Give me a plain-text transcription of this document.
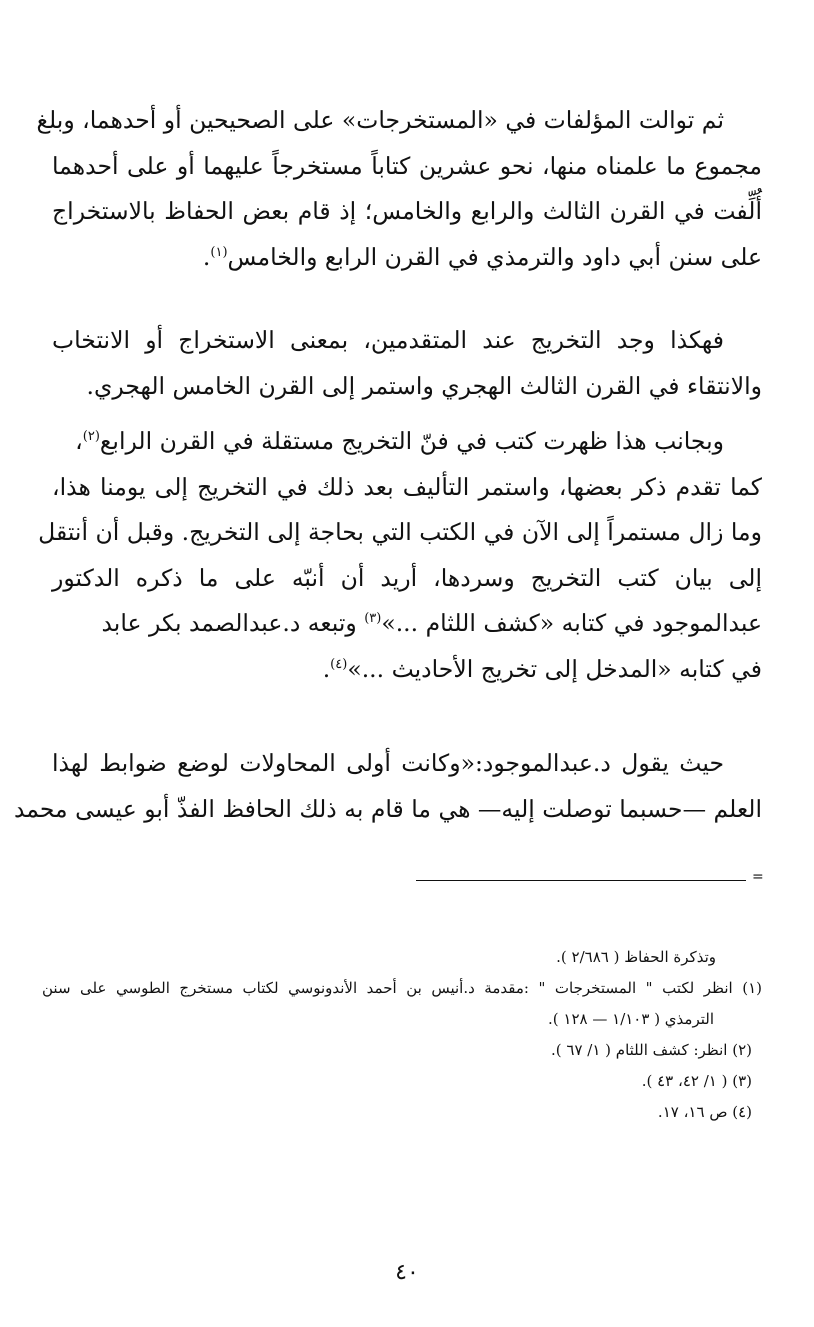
ثم توالت المؤلفات في «المستخرجات» على الصحيحين أو أحدهما، وبلغ
مجموع ما علمناه منها، نحو عشرين كتاباً مستخرجاً عليهما أو على أحدهما
أُلِّفت في القرن الثالث والرابع والخامس؛ إذ قام بعض الحفاظ بالاستخراج
على سنن أبي داود والترمذي في القرن الرابع والخامس$^{(١)}$.
فهكذا وجد التخريج عند المتقدمين، بمعنى الاستخراج أو الانتخاب
والانتقاء في القرن الثالث الهجري واستمر إلى القرن الخامس الهجري.
وبجانب هذا ظهرت كتب في فنّ التخريج مستقلة في القرن الرابع$^{(٢)}$،
كما تقدم ذكر بعضها، واستمر التأليف بعد ذلك في التخريج إلى يومنا هذا،
وما زال مستمراً إلى الآن في الكتب التي بحاجة إلى التخريج. وقبل أن أنتقل
إلى بيان كتب التخريج وسردها، أريد أن أنبّه على ما ذكره الدكتور
عبدالموجود في كتابه «كشف اللثام ...»$^{(٣)}$ وتبعه د.عبدالصمد بكر عابد
في كتابه «المدخل إلى تخريج الأحاديث ...»$^{(٤)}$.
حيث يقول د.عبدالموجود:«وكانت أولى المحاولات لوضع ضوابط لهذا
العلم —حسبما توصلت إليه— هي ما قام به ذلك الحافظ الفذّ أبو عيسى محمد
=
وتذكرة الحفاظ ( ٢/٦٨٦ ).
(١) انظر لكتب " المستخرجات " :مقدمة د.أنيس بن أحمد الأندونوسي لكتاب مستخرج الطوسي على سنن
الترمذي ( ١/١٠٣ — ١٢٨ ).
(٢) انظر: كشف اللثام ( ١/ ٦٧ ).
(٣) ( ١/ ٤٢، ٤٣ ).
(٤) ص ١٦، ١٧.
٤٠
